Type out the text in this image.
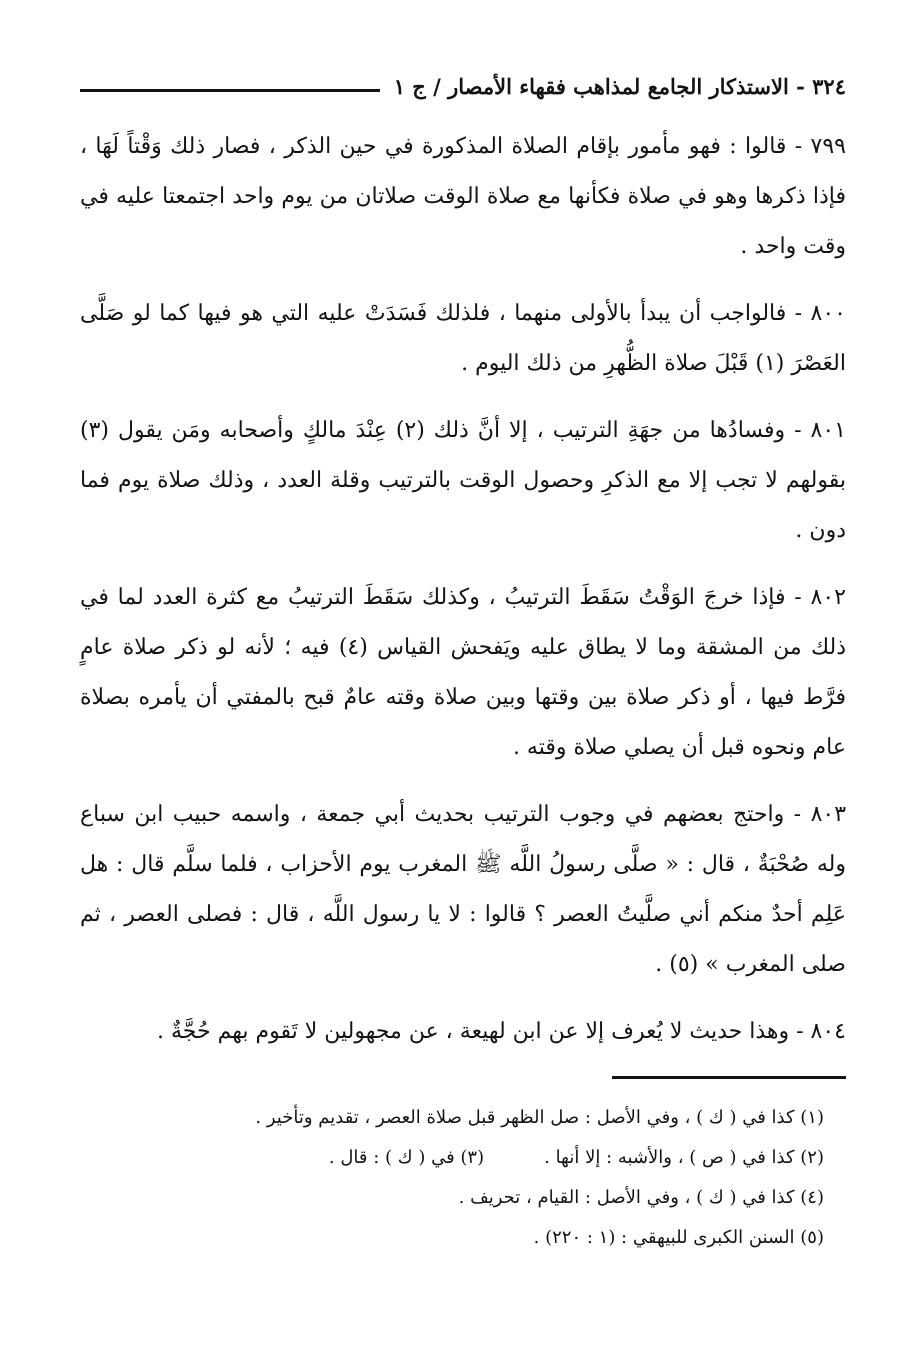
٣٢٤ - الاستذكار الجامع لمذاهب فقهاء الأمصار / ج ١

٧٩٩ - قالوا : فهو مأمور بإقام الصلاة المذكورة في حين الذكر ، فصار ذلك وَقْتاً لَهَا ، فإذا ذكرها وهو في صلاة فكأنها مع صلاة الوقت صلاتان من يوم واحد اجتمعتا عليه في وقت واحد .

٨٠٠ - فالواجب أن يبدأ بالأولى منهما ، فلذلك فَسَدَتْ عليه التي هو فيها كما لو صَلَّى العَصْرَ (١) قَبْلَ صلاة الظُّهرِ من ذلك اليوم .

٨٠١ - وفسادُها من جهَةِ الترتيب ، إلا أنَّ ذلك (٢) عِنْدَ مالكٍ وأصحابه ومَن يقول (٣) بقولهم لا تجب إلا مع الذكرِ وحصول الوقت بالترتيب وقلة العدد ، وذلك صلاة يوم فما دون .

٨٠٢ - فإذا خرجَ الوَقْتُ سَقَطَ الترتيبُ ، وكذلك سَقَطَ الترتيبُ مع كثرة العدد لما في ذلك من المشقة وما لا يطاق عليه ويَفحش القياس (٤) فيه ؛ لأنه لو ذكر صلاة عامٍ فرَّط فيها ، أو ذكر صلاة بين وقتها وبين صلاة وقته عامٌ قبح بالمفتي أن يأمره بصلاة عام ونحوه قبل أن يصلي صلاة وقته .

٨٠٣ - واحتج بعضهم في وجوب الترتيب بحديث أبي جمعة ، واسمه حبيب ابن سباع وله صُحْبَةٌ ، قال : « صلَّى رسولُ اللَّه ﷺ المغرب يوم الأحزاب ، فلما سلَّم قال : هل عَلِم أحدٌ منكم أني صلَّيتُ العصر ؟ قالوا : لا يا رسول اللَّه ، قال : فصلى العصر ، ثم صلى المغرب » (٥) .

٨٠٤ - وهذا حديث لا يُعرف إلا عن ابن لهيعة ، عن مجهولين لا تَقوم بهم حُجَّةٌ .

(١) كذا في ( ك ) ، وفي الأصل : صل الظهر قبل صلاة العصر ، تقديم وتأخير .
(٢) كذا في ( ص ) ، والأشبه : إلا أنها .
(٣) في ( ك ) : قال .
(٤) كذا في ( ك ) ، وفي الأصل : القيام ، تحريف .
(٥) السنن الكبرى للبيهقي : (١ : ٢٢٠) .
